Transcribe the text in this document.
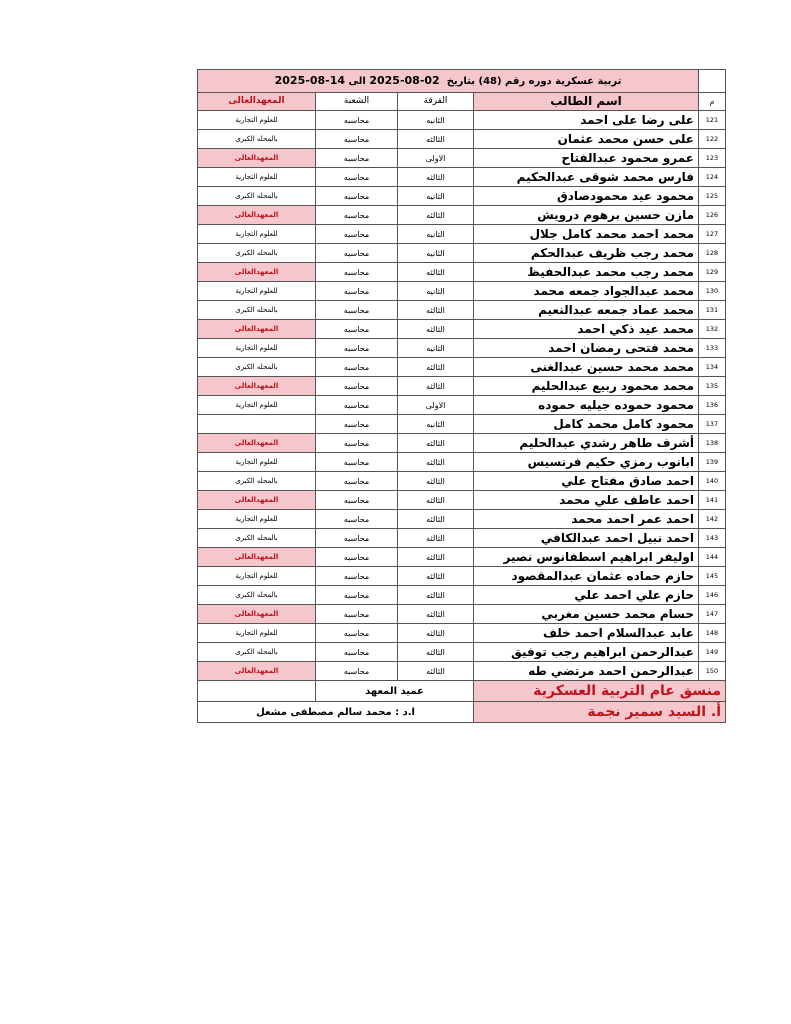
تربية عسكرية دوره رقم (48) بتاريخ  02-08-2025 الى 14-08-2025				
المعهدالعالى	الشعبة	الفرقة	اسم الطالب	م
للعلوم التجارية	محاسبه	الثانيه	على رضا على احمد	121
بالمحله الكبرى	محاسبه	الثالثه	على حسن محمد عثمان	122
المعهدالعالى	محاسبه	الاولى	عمرو محمود عبدالفتاح	123
للعلوم التجارية	محاسبه	الثالثه	فارس محمد شوقى عبدالحكيم	124
بالمحله الكبرى	محاسبه	الثانيه	محمود عيد محمودصادق	125
المعهدالعالى	محاسبه	الثالثه	مازن حسين برهوم درويش	126
للعلوم التجارية	محاسبه	الثانيه	محمد احمد محمد كامل جلال	127
بالمحله الكبرى	محاسبه	الثانيه	محمد رجب ظريف عبدالحكم	128
المعهدالعالى	محاسبه	الثالثه	محمد رجب محمد عبدالحفيظ	129
للعلوم التجارية	محاسبه	الثانيه	محمد عبدالجواد جمعه محمد	130
بالمحله الكبرى	محاسبه	الثالثه	محمد عماد جمعه عبدالنعيم	131
المعهدالعالى	محاسبه	الثالثه	محمد عيد ذكي احمد	132
للعلوم التجارية	محاسبه	الثانيه	محمد فتحى رمضان احمد	133
بالمحله الكبرى	محاسبه	الثالثه	محمد محمد حسين عبدالغنى	134
المعهدالعالى	محاسبه	الثالثه	محمد محمود ربيع عبدالحليم	135
للعلوم التجارية	محاسبه	الاولى	محمود حموده جيليه حموده	136
	محاسبه	الثانيه	محمود كامل محمد كامل	137
المعهدالعالى	محاسبه	الثالثه	أشرف طاهر رشدي عبدالحليم	138
للعلوم التجارية	محاسبه	الثالثه	ابانوب رمزي حكيم فرنسيس	139
بالمحله الكبرى	محاسبه	الثالثه	احمد صادق مفتاح علي	140
المعهدالعالى	محاسبه	الثالثه	احمد عاطف علي محمد	141
للعلوم التجارية	محاسبه	الثالثه	احمد عمر احمد محمد	142
بالمحله الكبرى	محاسبه	الثالثه	احمد نبيل احمد عبدالكافي	143
المعهدالعالى	محاسبه	الثالثه	اوليفر ابراهيم اسطفانوس نصير	144
للعلوم التجارية	محاسبه	الثالثه	حازم حماده عثمان عبدالمقصود	145
بالمحله الكبرى	محاسبه	الثالثه	حازم علي احمد علي	146
المعهدالعالى	محاسبه	الثالثه	حسام محمد حسين مغربي	147
للعلوم التجارية	محاسبه	الثالثه	عابد عبدالسلام احمد خلف	148
بالمحله الكبرى	محاسبه	الثالثه	عبدالرحمن ابراهيم رجب توفيق	149
المعهدالعالى	محاسبه	الثالثه	عبدالرحمن احمد مرتضي طه	150
	عميد المعهد		منسق عام التربية العسكرية	
ا.د : محمد سالم مصطفى مشعل			أ. السيد سمير نجمة	
